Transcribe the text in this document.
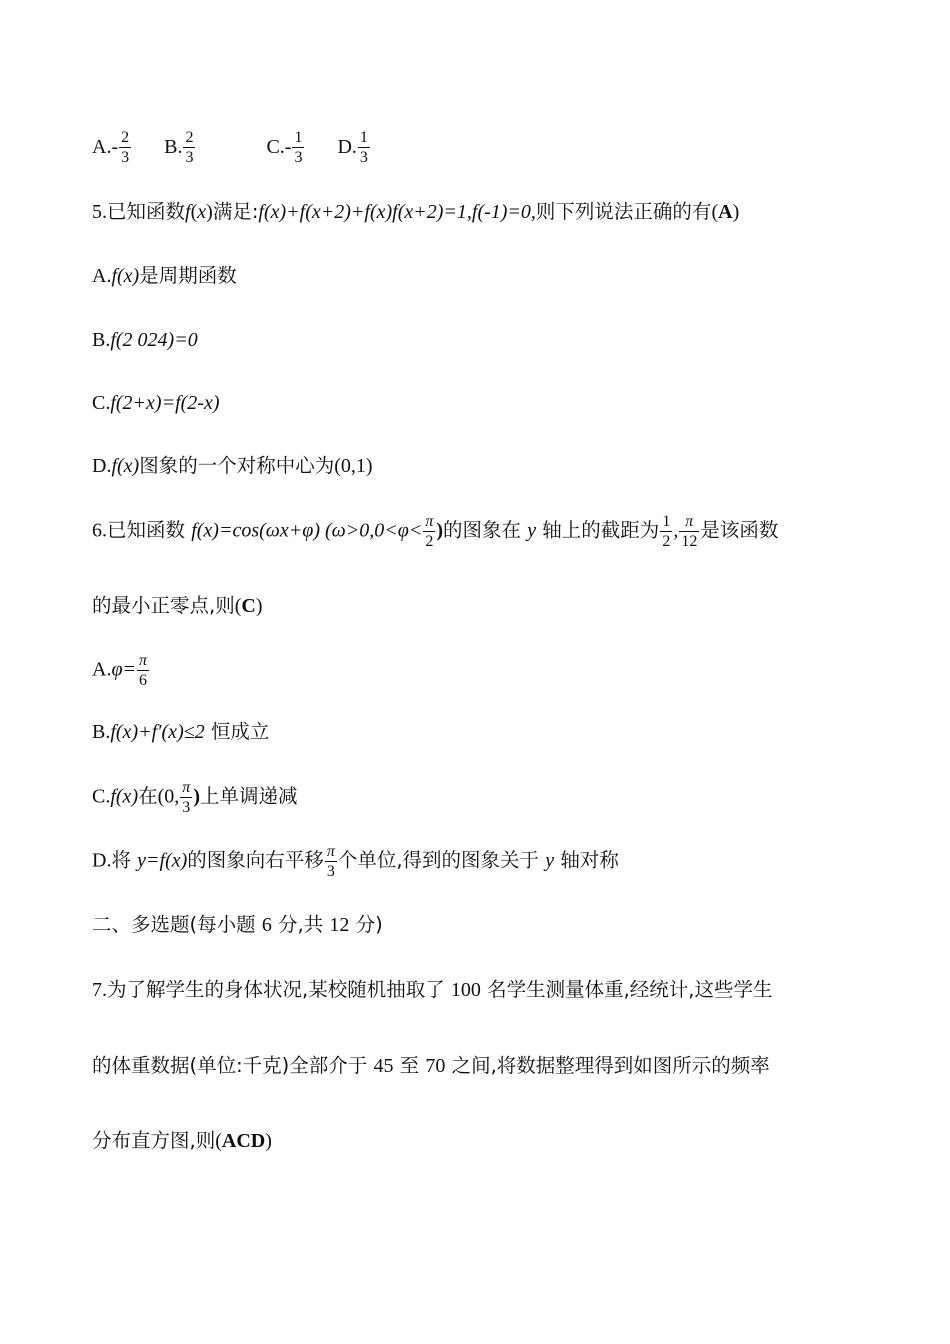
$A.- \frac{2}{3} B$. $\frac{2}{3}$	$C.- \frac{1}{3} D$. $\frac{1}{3}$
5.已知函数f(x)满足:f(x)+f(x+2)+f(x)f(x+2)=1,f(-1)=0,则下列说法正确的有(A)
A.f(x)是周期函数
B.f(2 024)=0
C.f(2+x)=f(2-x)
D.f(x)图象的一个对称中心为(0,1)
6.已知函数 f(x)=cos(ωx+φ) ($\omega>0,0<\varphi< \frac{\pi}{2}$ )的图象在 y 轴上的截距为 $\frac{1}{2}$ , $\frac{\pi}{12}$ 是该函数
的最小正零点,则(C)
$A.\varphi= \frac{\pi}{6}$
B.f(x)+f′(x)≤2 恒成立
C.f(x)在(0, $\frac{\pi}{3}$ )上单调递减
D.将 y=f(x)的图象向右平移 $\frac{\pi}{3}$ 个单位,得到的图象关于 y 轴对称
二、多选题(每小题 6 分,共 12 分)
7.为了解学生的身体状况,某校随机抽取了 100 名学生测量体重,经统计,这些学生
的体重数据(单位:千克)全部介于 45 至 70 之间,将数据整理得到如图所示的频率
分布直方图,则(ACD)
